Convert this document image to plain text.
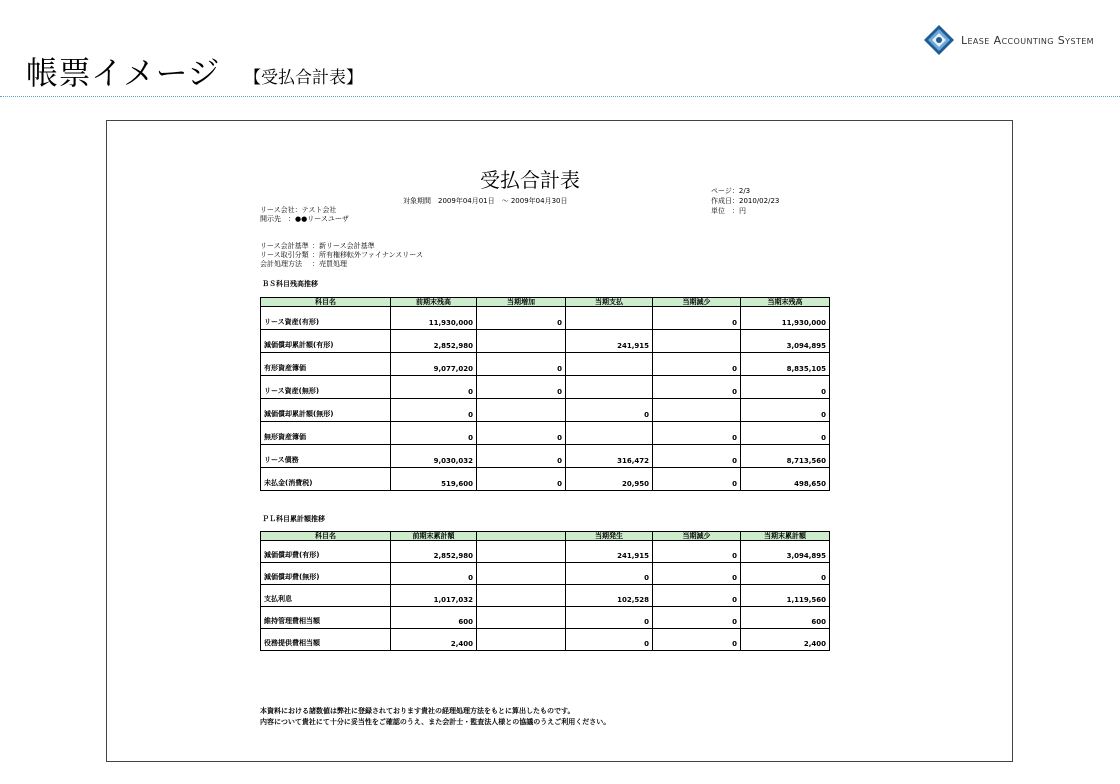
帳票イメージ 【受払合計表】
Lease Accounting System
受払合計表
対象期間　2009年04月01日　～ 2009年04月30日
ページ：2/3
作成日：2010/02/23
単位　：円
リース会社：テスト会社
開示先　：●●リースユーザ
リース会計基準 ：新リース会計基準
リース取引分類 ：所有権移転外ファイナンスリース
会計処理方法 ：売買処理
ＢＳ科目残高推移
科目名	前期末残高	当期増加	当期支払	当期減少	当期末残高
リース資産(有形)	11,930,000	0		0	11,930,000
減価償却累計額(有形)	2,852,980		241,915		3,094,895
有形資産簿価	9,077,020	0		0	8,835,105
リース資産(無形)	0	0		0	0
減価償却累計額(無形)	0		0		0
無形資産簿価	0	0		0	0
リース債務	9,030,032	0	316,472	0	8,713,560
未払金(消費税)	519,600	0	20,950	0	498,650
ＰＬ科目累計額推移
科目名	前期末累計額		当期発生	当期減少	当期末累計額
減価償却費(有形)	2,852,980		241,915	0	3,094,895
減価償却費(無形)	0		0	0	0
支払利息	1,017,032		102,528	0	1,119,560
維持管理費相当額	600		0	0	600
役務提供費相当額	2,400		0	0	2,400
本資料における諸数値は弊社に登録されております貴社の経理処理方法をもとに算出したものです。
内容について貴社にて十分に妥当性をご確認のうえ、また会計士・監査法人様との協議のうえご利用ください。
